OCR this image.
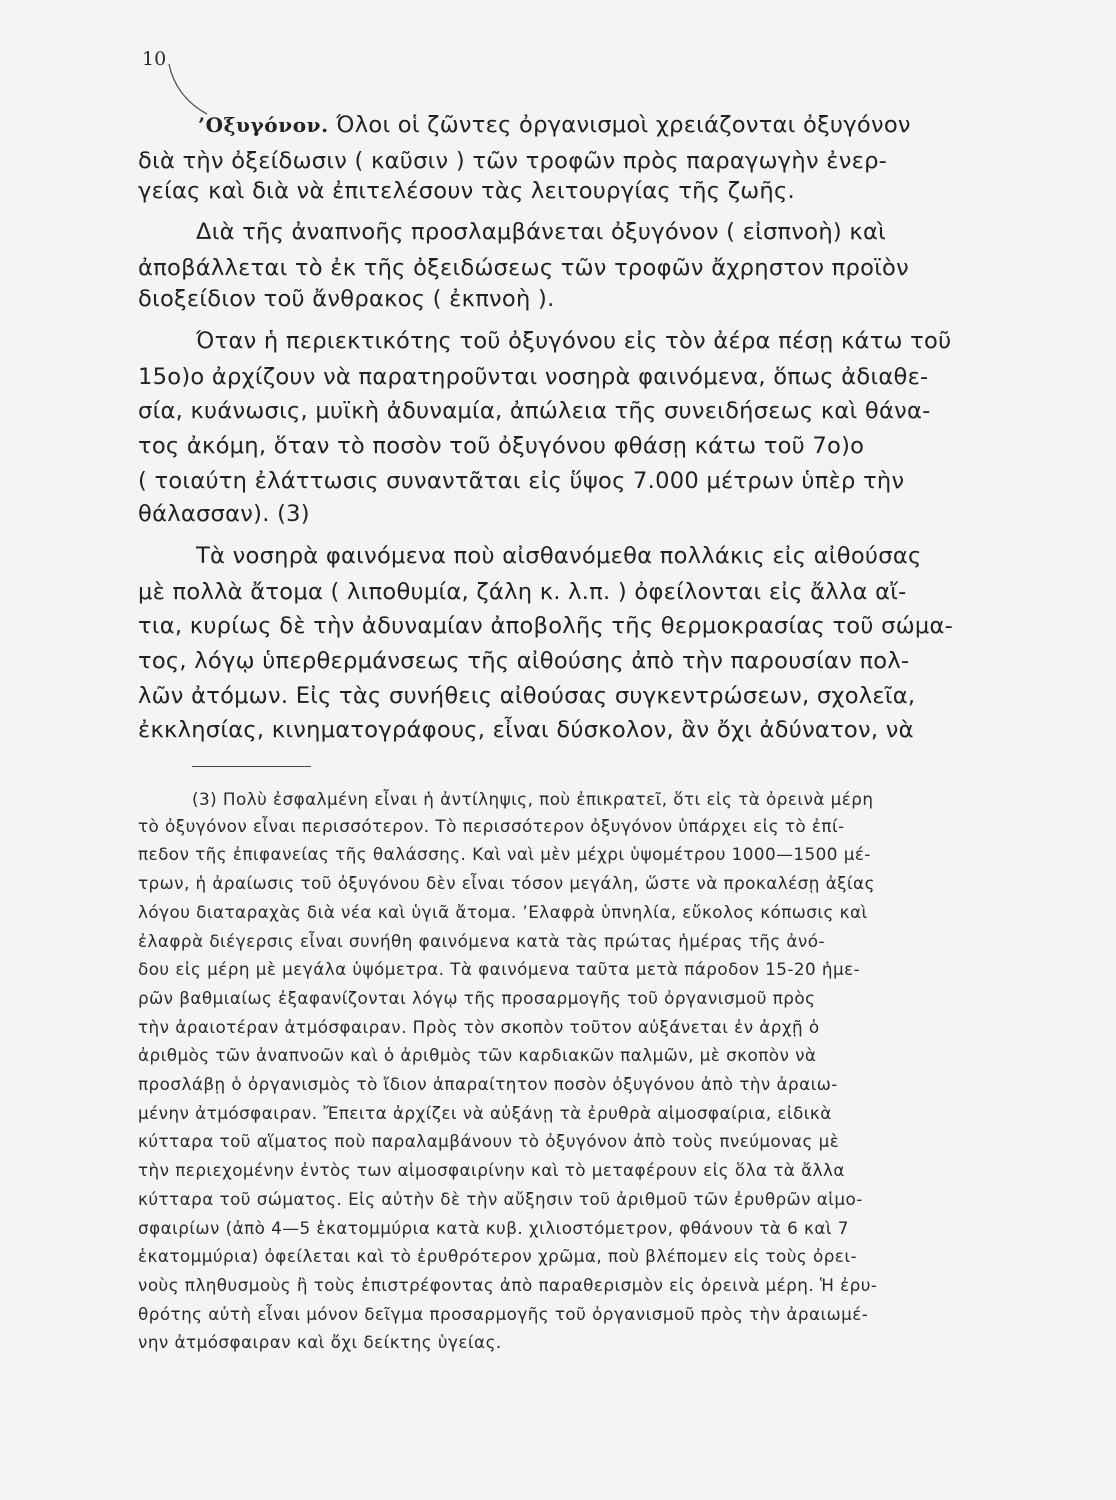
10
’Οξυγόνον. Όλοι οἱ ζῶντες ὀργανισμοὶ χρειάζονται ὀξυγόνον
διὰ τὴν ὀξείδωσιν ( καῦσιν ) τῶν τροφῶν πρὸς παραγωγὴν ἐνερ-
γείας καὶ διὰ νὰ ἐπιτελέσουν τὰς λειτουργίας τῆς ζωῆς.
Διὰ τῆς ἀναπνοῆς προσλαμβάνεται ὀξυγόνον ( εἰσπνοὴ) καὶ
ἀποβάλλεται τὸ ἐκ τῆς ὀξειδώσεως τῶν τροφῶν ἄχρηστον προϊὸν
διοξείδιον τοῦ ἄνθρακος ( ἐκπνοὴ ).
Όταν ἡ περιεκτικότης τοῦ ὀξυγόνου εἰς τὸν ἀέρα πέσῃ κάτω τοῦ
15ο)ο ἀρχίζουν νὰ παρατηροῦνται νοσηρὰ φαινόμενα, ὅπως ἀδιαθε-
σία, κυάνωσις, μυϊκὴ ἀδυναμία, ἀπώλεια τῆς συνειδήσεως καὶ θάνα-
τος ἀκόμη, ὅταν τὸ ποσὸν τοῦ ὀξυγόνου φθάσῃ κάτω τοῦ 7ο)ο
( τοιαύτη ἐλάττωσις συναντᾶται εἰς ὕψος 7.000 μέτρων ὑπὲρ τὴν
θάλασσαν). (3)
Τὰ νοσηρὰ φαινόμενα ποὺ αἰσθανόμεθα πολλάκις εἰς αἰθούσας
μὲ πολλὰ ἄτομα ( λιποθυμία, ζάλη κ. λ.π. ) ὀφείλονται εἰς ἄλλα αἴ-
τια, κυρίως δὲ τὴν ἀδυναμίαν ἀποβολῆς τῆς θερμοκρασίας τοῦ σώμα-
τος, λόγῳ ὑπερθερμάνσεως τῆς αἰθούσης ἀπὸ τὴν παρουσίαν πολ-
λῶν ἀτόμων. Εἰς τὰς συνήθεις αἰθούσας συγκεντρώσεων, σχολεῖα,
ἐκκλησίας, κινηματογράφους, εἶναι δύσκολον, ἂν ὄχι ἀδύνατον, νὰ
(3) Πολὺ ἐσφαλμένη εἶναι ἡ ἀντίληψις, ποὺ ἐπικρατεῖ, ὅτι εἰς τὰ ὀρεινὰ μέρη
τὸ ὀξυγόνον εἶναι περισσότερον. Τὸ περισσότερον ὀξυγόνον ὑπάρχει εἰς τὸ ἐπί-
πεδον τῆς ἐπιφανείας τῆς θαλάσσης. Καὶ ναὶ μὲν μέχρι ὑψομέτρου 1000—1500 μέ-
τρων, ἡ ἀραίωσις τοῦ ὀξυγόνου δὲν εἶναι τόσον μεγάλη, ὥστε νὰ προκαλέσῃ ἀξίας
λόγου διαταραχὰς διὰ νέα καὶ ὑγιᾶ ἄτομα. ’Ελαφρὰ ὑπνηλία, εὔκολος κόπωσις καὶ
ἐλαφρὰ διέγερσις εἶναι συνήθη φαινόμενα κατὰ τὰς πρώτας ἡμέρας τῆς ἀνό-
δου εἰς μέρη μὲ μεγάλα ὑψόμετρα. Τὰ φαινόμενα ταῦτα μετὰ πάροδον 15-20 ἡμε-
ρῶν βαθμιαίως ἐξαφανίζονται λόγῳ τῆς προσαρμογῆς τοῦ ὀργανισμοῦ πρὸς
τὴν ἀραιοτέραν ἀτμόσφαιραν. Πρὸς τὸν σκοπὸν τοῦτον αὐξάνεται ἐν ἀρχῇ ὁ
ἀριθμὸς τῶν ἀναπνοῶν καὶ ὁ ἀριθμὸς τῶν καρδιακῶν παλμῶν, μὲ σκοπὸν νὰ
προσλάβῃ ὁ ὀργανισμὸς τὸ ἴδιον ἀπαραίτητον ποσὸν ὀξυγόνου ἀπὸ τὴν ἀραιω-
μένην ἀτμόσφαιραν. Ἔπειτα ἀρχίζει νὰ αὐξάνῃ τὰ ἐρυθρὰ αἱμοσφαίρια, εἰδικὰ
κύτταρα τοῦ αἵματος ποὺ παραλαμβάνουν τὸ ὀξυγόνον ἀπὸ τοὺς πνεύμονας μὲ
τὴν περιεχομένην ἐντὸς των αἱμοσφαιρίνην καὶ τὸ μεταφέρουν εἰς ὅλα τὰ ἄλλα
κύτταρα τοῦ σώματος. Εἰς αὐτὴν δὲ τὴν αὔξησιν τοῦ ἀριθμοῦ τῶν ἐρυθρῶν αἱμο-
σφαιρίων (ἀπὸ 4—5 ἑκατομμύρια κατὰ κυβ. χιλιοστόμετρον, φθάνουν τὰ 6 καὶ 7
ἑκατομμύρια) ὀφείλεται καὶ τὸ ἐρυθρότερον χρῶμα, ποὺ βλέπομεν εἰς τοὺς ὀρει-
νοὺς πληθυσμοὺς ἢ τοὺς ἐπιστρέφοντας ἀπὸ παραθερισμὸν εἰς ὀρεινὰ μέρη. Ἡ ἐρυ-
θρότης αὐτὴ εἶναι μόνον δεῖγμα προσαρμογῆς τοῦ ὀργανισμοῦ πρὸς τὴν ἀραιωμέ-
νην ἀτμόσφαιραν καὶ ὄχι δείκτης ὑγείας.
